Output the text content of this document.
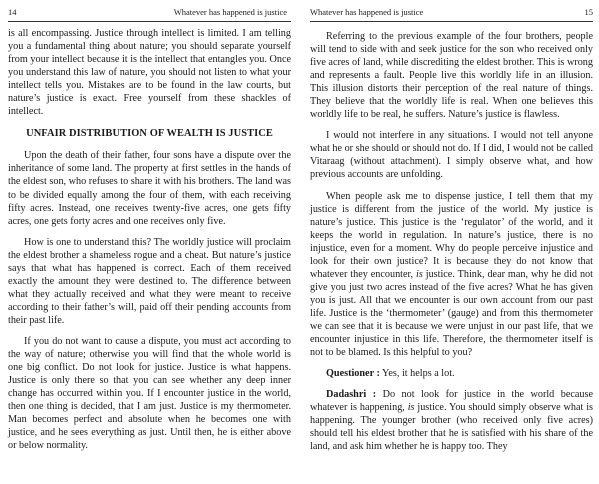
14	Whatever has happened is justice

is all encompassing. Justice through intellect is limited. I am telling you a fundamental thing about nature; you should separate yourself from your intellect because it is the intellect that entangles you. Once you understand this law of nature, you should not listen to what your intellect tells you. Mistakes are to be found in the law courts, but nature’s justice is exact. Free yourself from these shackles of intellect.

UNFAIR DISTRIBUTION OF WEALTH IS JUSTICE

Upon the death of their father, four sons have a dispute over the inheritance of some land. The property at first settles in the hands of the eldest son, who refuses to share it with his brothers. The land was to be divided equally among the four of them, with each receiving fifty acres. Instead, one receives twenty-five acres, one gets fifty acres, one gets forty acres and one receives only five.

How is one to understand this? The worldly justice will proclaim the eldest brother a shameless rogue and a cheat. But nature’s justice says that what has happened is correct. Each of them received exactly the amount they were destined to. The difference between what they actually received and what they were meant to receive according to their father’s will, paid off their pending accounts from their past life.

If you do not want to cause a dispute, you must act according to the way of nature; otherwise you will find that the whole world is one big conflict. Do not look for justice. Justice is what happens. Justice is only there so that you can see whether any deep inner change has occurred within you. If I encounter justice in the world, then one thing is decided, that I am just. Justice is my thermometer. Man becomes perfect and absolute when he becomes one with justice, and he sees everything as just. Until then, he is either above or below normality.

Whatever has happened is justice	15

Referring to the previous example of the four brothers, people will tend to side with and seek justice for the son who received only five acres of land, while discrediting the eldest brother. This is wrong and represents a fault. People live this worldly life in an illusion. This illusion distorts their perception of the real nature of things. They believe that the worldly life is real. When one believes this worldly life to be real, he suffers. Nature’s justice is flawless.

I would not interfere in any situations. I would not tell anyone what he or she should or should not do. If I did, I would not be called Vitaraag (without attachment). I simply observe what, and how previous accounts are unfolding.

When people ask me to dispense justice, I tell them that my justice is different from the justice of the world. My justice is nature’s justice. This justice is the ‘regulator’ of the world, and it keeps the world in regulation. In nature’s justice, there is no injustice, even for a moment. Why do people perceive injustice and look for their own justice? It is because they do not know that whatever they encounter, is justice. Think, dear man, why he did not give you just two acres instead of the five acres? What he has given you is just. All that we encounter is our own account from our past life. Justice is the ‘thermometer’ (gauge) and from this thermometer we can see that it is because we were unjust in our past life, that we encounter injustice in this life. Therefore, the thermometer itself is not to be blamed. Is this helpful to you?

Questioner : Yes, it helps a lot.

Dadashri : Do not look for justice in the world because whatever is happening, is justice. You should simply observe what is happening. The younger brother (who received only five acres) should tell his eldest brother that he is satisfied with his share of the land, and ask him whether he is happy too. They
